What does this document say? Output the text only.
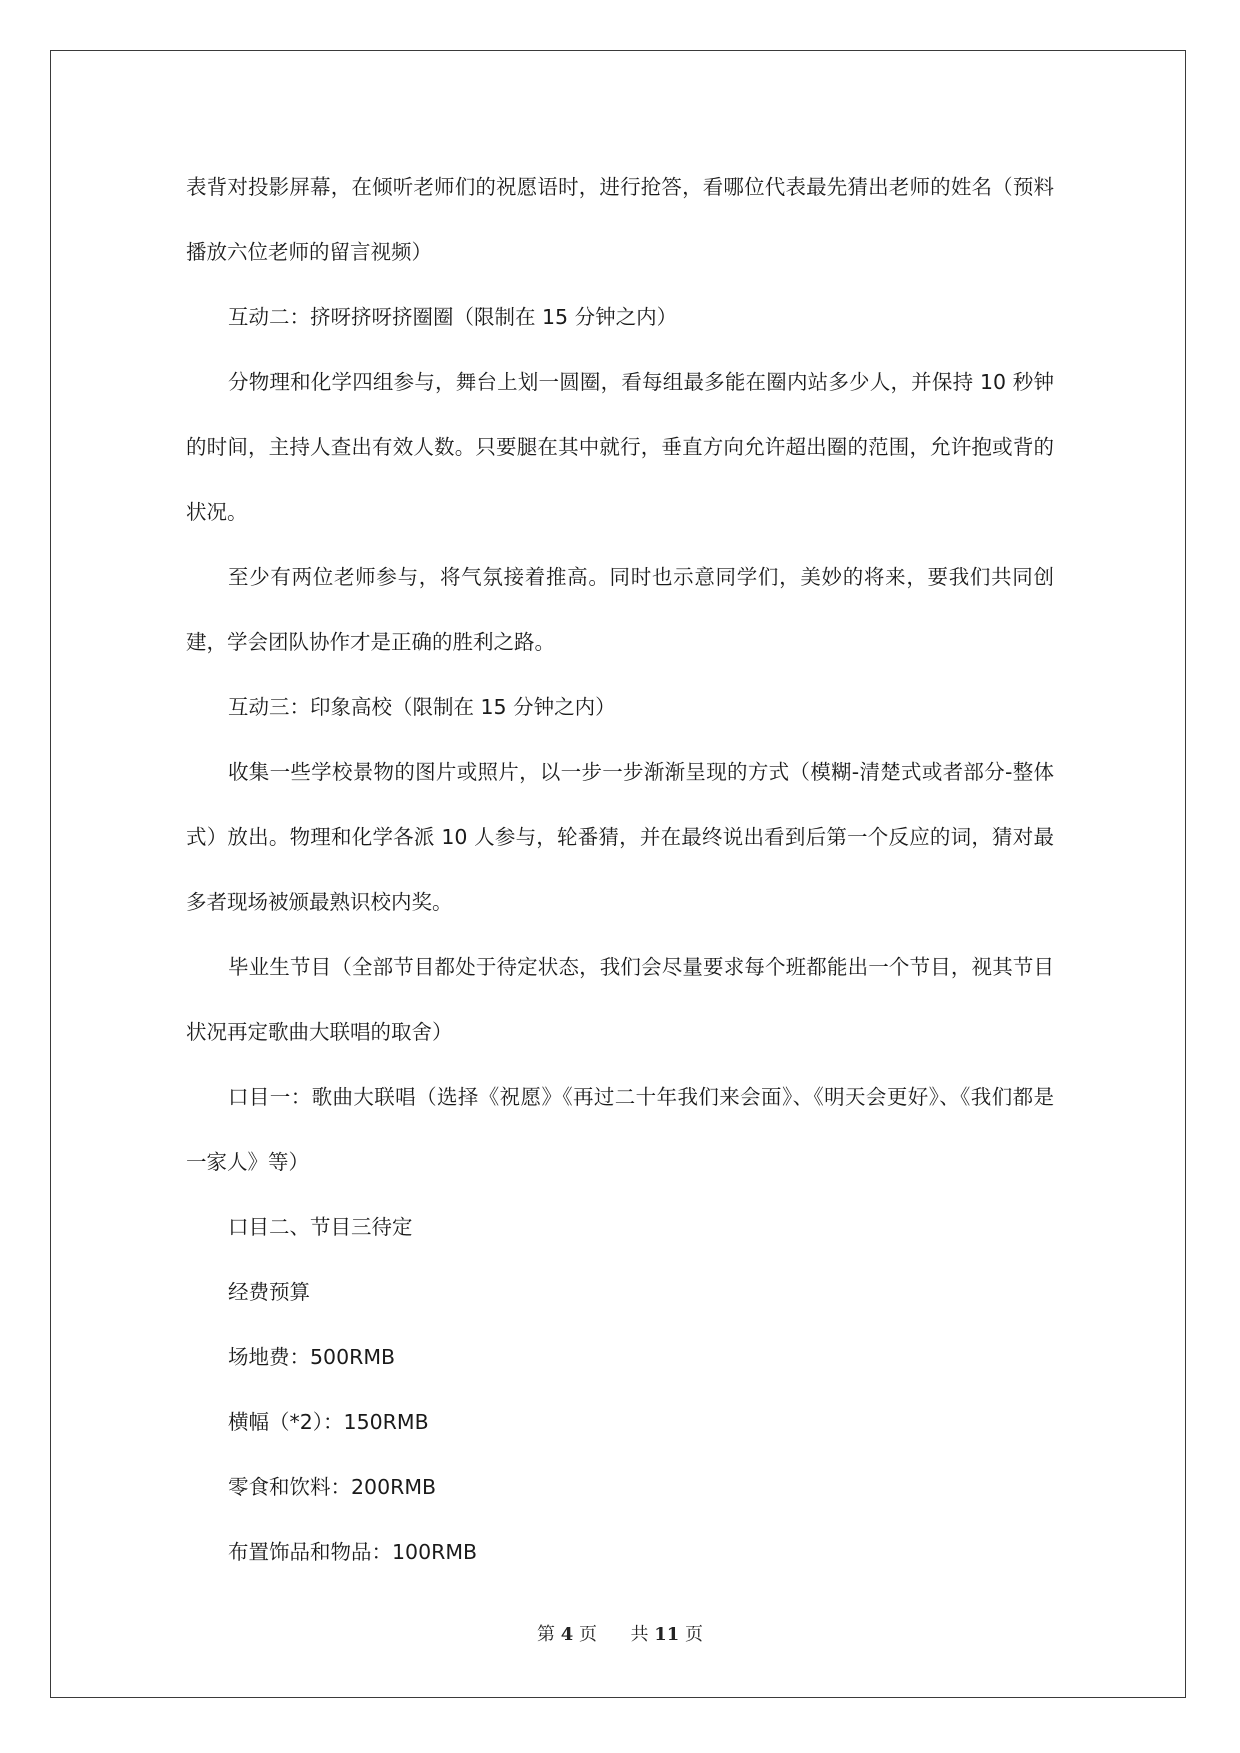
表背对投影屏幕，在倾听老师们的祝愿语时，进行抢答，看哪位代表最先猜出老师的姓名（预料播放六位老师的留言视频）

互动二：挤呀挤呀挤圈圈（限制在 15 分钟之内）

分物理和化学四组参与，舞台上划一圆圈，看每组最多能在圈内站多少人，并保持 10 秒钟的时间，主持人查出有效人数。只要腿在其中就行，垂直方向允许超出圈的范围，允许抱或背的状况。

至少有两位老师参与，将气氛接着推高。同时也示意同学们，美妙的将来，要我们共同创建，学会团队协作才是正确的胜利之路。

互动三：印象高校（限制在 15 分钟之内）

收集一些学校景物的图片或照片，以一步一步渐渐呈现的方式（模糊-清楚式或者部分-整体式）放出。物理和化学各派 10 人参与，轮番猜，并在最终说出看到后第一个反应的词，猜对最多者现场被颁最熟识校内奖。

毕业生节目（全部节目都处于待定状态，我们会尽量要求每个班都能出一个节目，视其节目状况再定歌曲大联唱的取舍）

口目一：歌曲大联唱（选择《祝愿》《再过二十年我们来会面》、《明天会更好》、《我们都是一家人》等）

口目二、节目三待定

经费预算

场地费：500RMB

横幅（*2）：150RMB

零食和饮料：200RMB

布置饰品和物品：100RMB

第 4 页 共 11 页
